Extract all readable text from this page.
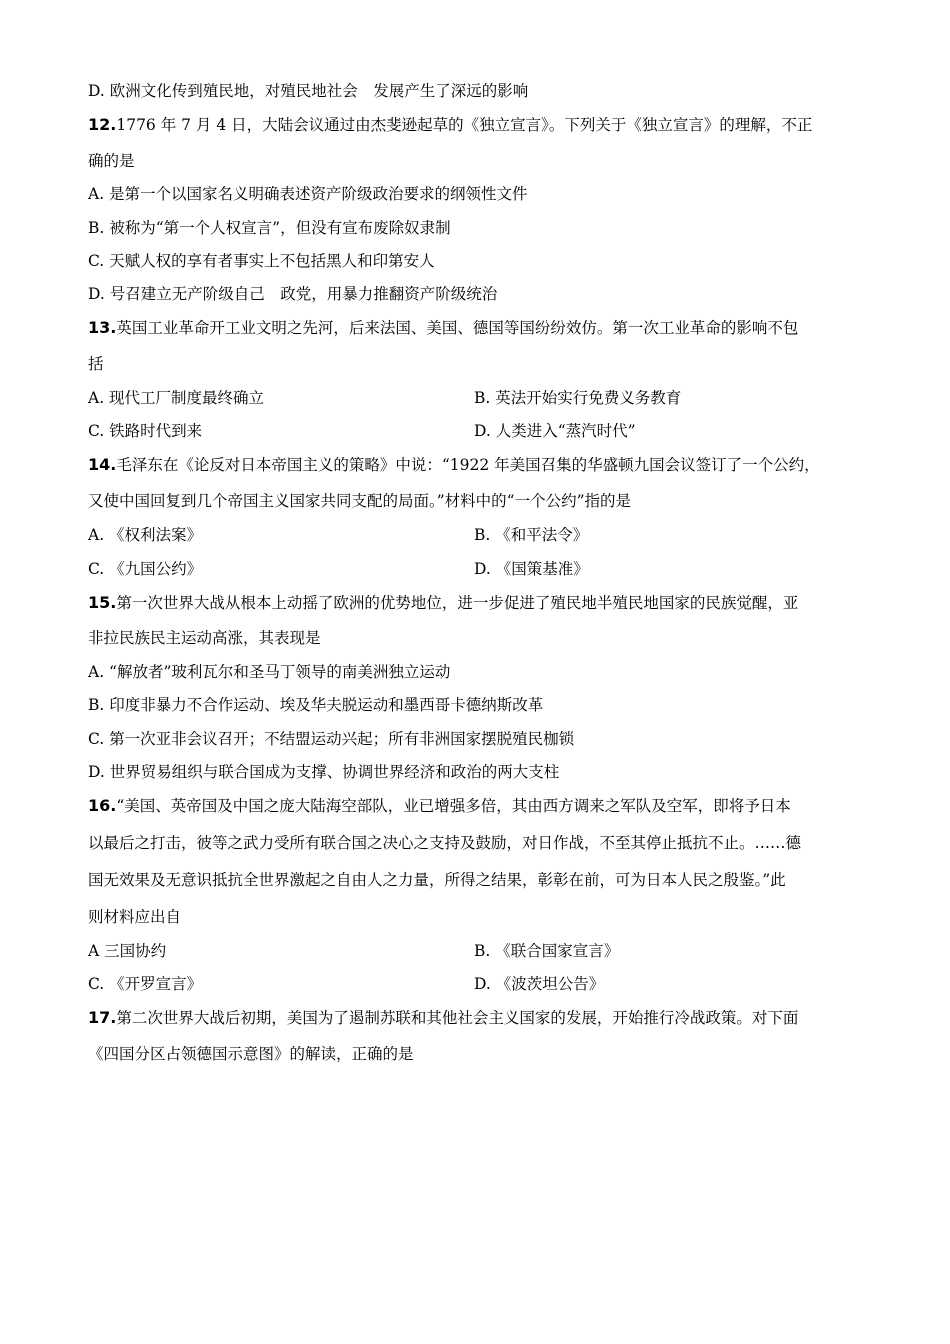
D. 欧洲文化传到殖民地，对殖民地社会　发展产生了深远的影响
12.1776 年 7 月 4 日，大陆会议通过由杰斐逊起草的《独立宣言》。下列关于《独立宣言》的理解，不正
确的是
A. 是第一个以国家名义明确表述资产阶级政治要求的纲领性文件
B. 被称为“第一个人权宣言”，但没有宣布废除奴隶制
C. 天赋人权的享有者事实上不包括黑人和印第安人
D. 号召建立无产阶级自己　政党，用暴力推翻资产阶级统治
13.英国工业革命开工业文明之先河，后来法国、美国、德国等国纷纷效仿。第一次工业革命的影响不包
括
A. 现代工厂制度最终确立	B. 英法开始实行免费义务教育
C. 铁路时代到来	D. 人类进入“蒸汽时代”
14.毛泽东在《论反对日本帝国主义的策略》中说：“1922 年美国召集的华盛顿九国会议签订了一个公约，
又使中国回复到几个帝国主义国家共同支配的局面。”材料中的“一个公约”指的是
A. 《权利法案》	B. 《和平法令》
C. 《九国公约》	D. 《国策基准》
15.第一次世界大战从根本上动摇了欧洲的优势地位，进一步促进了殖民地半殖民地国家的民族觉醒，亚
非拉民族民主运动高涨，其表现是
A. “解放者”玻利瓦尔和圣马丁领导的南美洲独立运动
B. 印度非暴力不合作运动、埃及华夫脱运动和墨西哥卡德纳斯改革
C. 第一次亚非会议召开；不结盟运动兴起；所有非洲国家摆脱殖民枷锁
D. 世界贸易组织与联合国成为支撑、协调世界经济和政治的两大支柱
16.“美国、英帝国及中国之庞大陆海空部队，业已增强多倍，其由西方调来之军队及空军，即将予日本
以最后之打击，彼等之武力受所有联合国之决心之支持及鼓励，对日作战，不至其停止抵抗不止。……德
国无效果及无意识抵抗全世界激起之自由人之力量，所得之结果，彰彰在前，可为日本人民之殷鉴。”此
则材料应出自
A 三国协约	B. 《联合国家宣言》
C. 《开罗宣言》	D. 《波茨坦公告》
17.第二次世界大战后初期，美国为了遏制苏联和其他社会主义国家的发展，开始推行冷战政策。对下面
《四国分区占领德国示意图》的解读，正确的是
